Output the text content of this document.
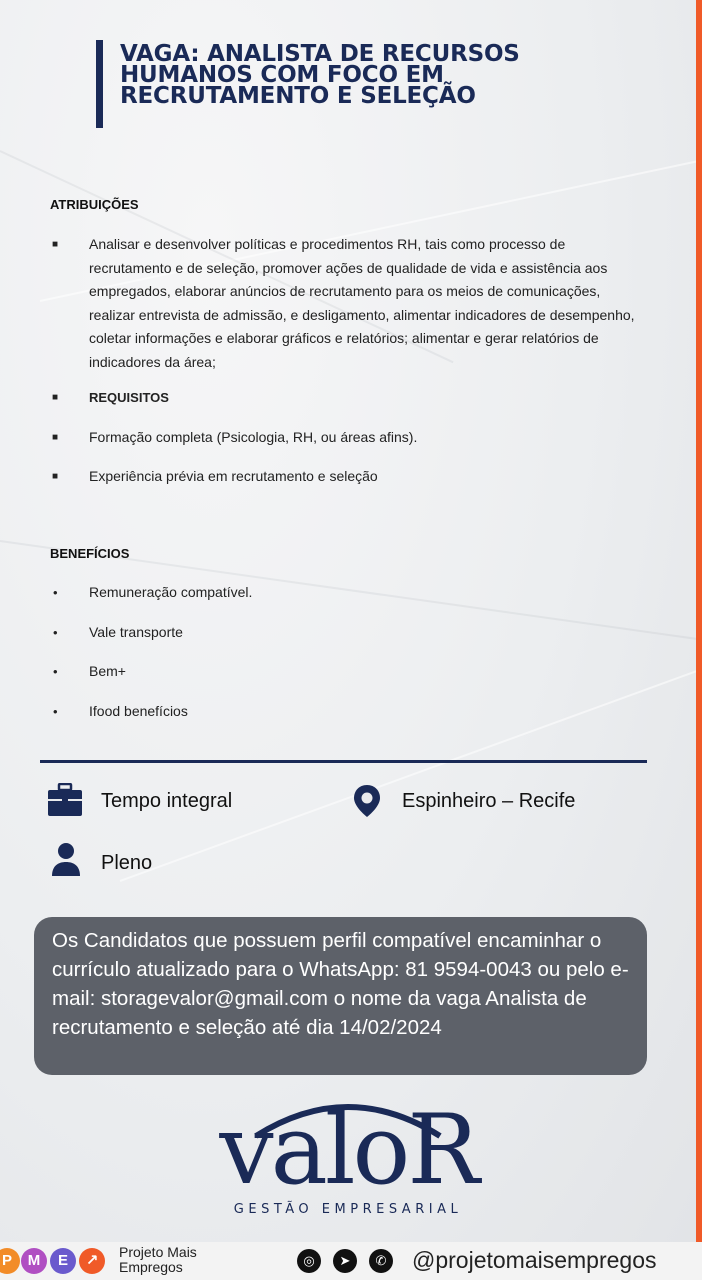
VAGA: ANALISTA DE RECURSOS HUMANOS COM FOCO EM RECRUTAMENTO E SELEÇÃO
ATRIBUIÇÕES
■ Analisar e desenvolver políticas e procedimentos RH, tais como processo de recrutamento e de seleção, promover ações de qualidade de vida e assistência aos empregados, elaborar anúncios de recrutamento para os meios de comunicações, realizar entrevista de admissão, e desligamento, alimentar indicadores de desempenho, coletar informações e elaborar gráficos e relatórios; alimentar e gerar relatórios de indicadores da área;
■ REQUISITOS
■ Formação completa (Psicologia, RH, ou áreas afins).
■ Experiência prévia em recrutamento e seleção
BENEFÍCIOS
• Remuneração compatível.
• Vale transporte
• Bem+
• Ifood benefícios
Tempo integral	Espinheiro – Recife
Pleno
Os Candidatos que possuem perfil compatível encaminhar o currículo atualizado para o WhatsApp: 81 9594-0043 ou pelo e-mail: storagevalor@gmail.com o nome da vaga Analista de recrutamento e seleção até dia 14/02/2024
valoR
GESTÃO EMPRESARIAL
P	M	E	↗	Projeto Mais Empregos	◎	➤	✆ @projetomaisempregos
